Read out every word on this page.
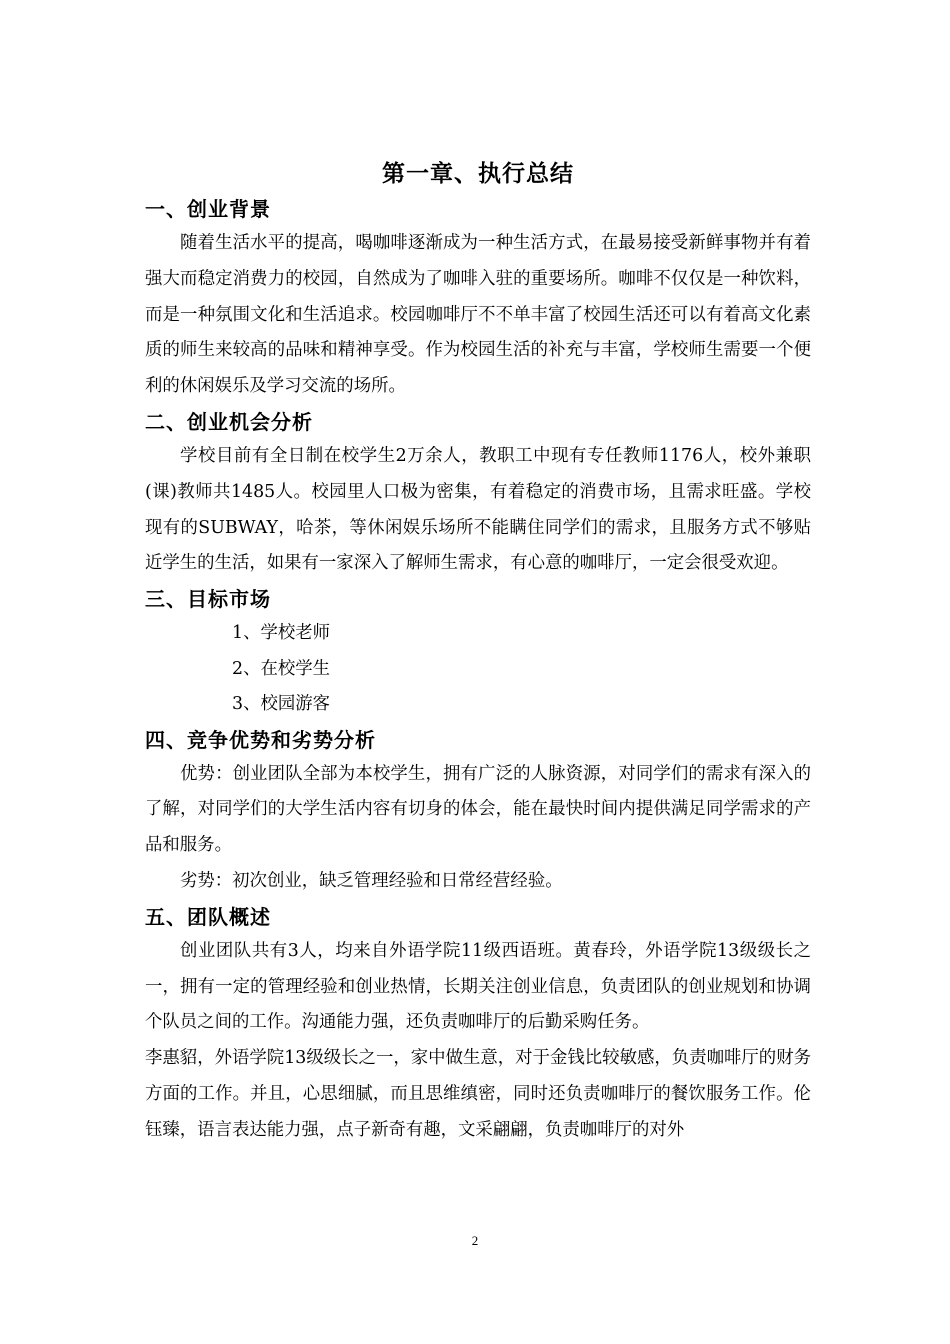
第一章、执行总结
一、创业背景

随着生活水平的提高，喝咖啡逐渐成为一种生活方式，在最易接受新鲜事物并有着强大而稳定消费力的校园，自然成为了咖啡入驻的重要场所。咖啡不仅仅是一种饮料，而是一种氛围文化和生活追求。校园咖啡厅不不单丰富了校园生活还可以有着高文化素质的师生来较高的品味和精神享受。作为校园生活的补充与丰富，学校师生需要一个便利的休闲娱乐及学习交流的场所。

二、创业机会分析

学校目前有全日制在校学生2万余人，教职工中现有专任教师1176人，校外兼职(课)教师共1485人。校园里人口极为密集，有着稳定的消费市场，且需求旺盛。学校现有的SUBWAY，哈茶，等休闲娱乐场所不能瞒住同学们的需求，且服务方式不够贴近学生的生活，如果有一家深入了解师生需求，有心意的咖啡厅，一定会很受欢迎。

三、目标市场

1、学校老师

2、在校学生

3、校园游客

四、竞争优势和劣势分析

优势：创业团队全部为本校学生，拥有广泛的人脉资源，对同学们的需求有深入的了解，对同学们的大学生活内容有切身的体会，能在最快时间内提供满足同学需求的产品和服务。

劣势：初次创业，缺乏管理经验和日常经营经验。

五、团队概述

创业团队共有3人，均来自外语学院11级西语班。黄春玲，外语学院13级级长之一，拥有一定的管理经验和创业热情，长期关注创业信息，负责团队的创业规划和协调个队员之间的工作。沟通能力强，还负责咖啡厅的后勤采购任务。

李惠貂，外语学院13级级长之一，家中做生意，对于金钱比较敏感，负责咖啡厅的财务方面的工作。并且，心思细腻，而且思维缜密，同时还负责咖啡厅的餐饮服务工作。伦钰臻，语言表达能力强，点子新奇有趣，文采翩翩，负责咖啡厅的对外

2
